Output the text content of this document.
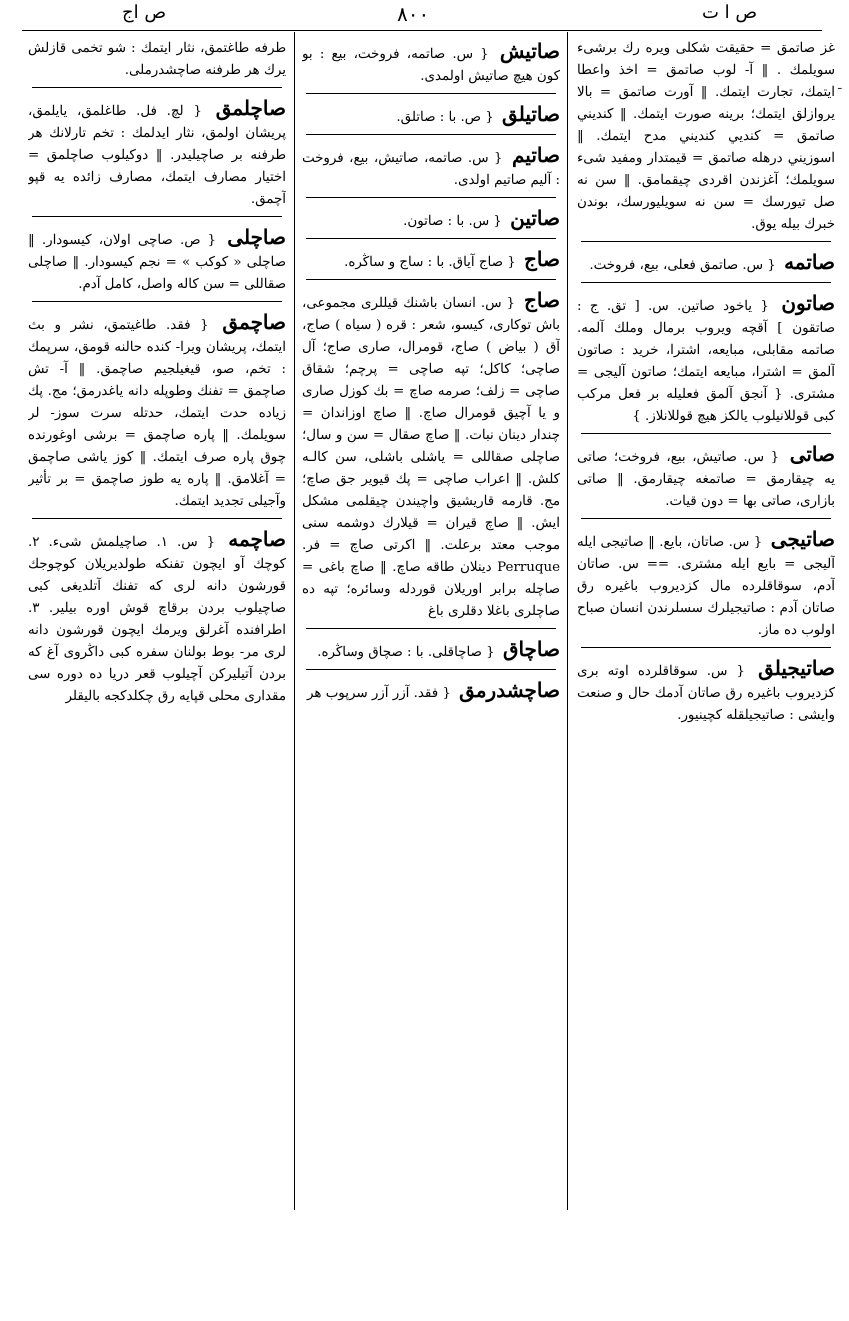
ص اج	٨٠٠	ص ا ت
غز صاتمق = حقيقت شكلى ويره رك برشىء سويلمك . ‖ آ- لوب صاتمق = اخذ واعطا ايتمك، تجارت ايتمك. ‖ آورت صاتمق = بالا يروازلق ايتمك؛ برينه صورت ايتمك. ‖ كنديني صاتمق = كنديي كنديني مدح ايتمك. ‖ اسوزيني درهله صاتمق = قيمتدار ومفيد شىء سويلمك؛ آغزندن اقردى چيقمامق. ‖ سن نه صل تيورسك = سن نه سويليورسك، بوندن خبرك بيله يوق.
صاتمه { س. صاتمق فعلى، بيع، فروخت.
صاتون { ياخود صاتين. س. [ تق. ج : صاتقون ] آقچه ويروب برمال وملك آلمه. صاتمه مقابلى، مبايعه، اشترا، خريد : صاتون آلمق = اشترا، مبايعه ايتمك؛ صاتون آليجى = مشترى. { آنجق آلمق فعليله بر فعل مركب كبى قوللانيلوب يالكز هيچ قوللانلاز. }
صاتى { س. صاتيش، بيع، فروخت؛ صاتى يه چيقارمق = صاتمغه چيقارمق. ‖ صاتى بازارى، صاتى بها = دون قيات.
صاتيجى { س. صاتان، بايع. ‖ صاتيجى ايله آليجى = بايع ايله مشترى. == س. صاتان آدم، سوقاقلرده مال كزديروب باغيره رق صاتان آدم : صاتيجيلرك سسلرندن انسان صباح اولوب ده ماز.
صاتيجيلق { س. سوقاقلرده اوته برى كزديروب باغيره رق صاتان آدمك حال و صنعت وايشى : صاتيجيلقله كچينيور.
صاتيش { س. صاتمه، فروخت، بيع : بو كون هيچ صاتيش اولمدى.
صاتيلق { ص. با : صاتلق.
صاتيم { س. صاتمه، صاتيش، بيع، فروخت : آليم صاتيم اولدى.
صاتين { س. با : صاتون.
صاج { صاج آياق. با : ساج و ساڭره.
صاج { س. انسان باشنك قيللرى مجموعى، باش توكارى، كيسو، شعر : قره ( سياه ) صاج، آق ( بياض ) صاج، قومرال، صارى صاج؛ آل صاچى؛ كاكل؛ تپه صاچى = پرچم؛ شقاق صاچى = زلف؛ صرمه صاچ = بك كوزل صارى و يا آچيق قومرال صاچ. ‖ صاچ اوزاندان = چندار دينان نبات. ‖ صاچ صقال = سن و سال؛ صاچلى صقاللى = ياشلى باشلى، سن كالـه كلش. ‖ اعراب صاچى = پك قيوير جق صاچ؛ مج. قارمه قاريشيق واچيندن چيقلمى مشكل ايش. ‖ صاچ قيران = قيلارك دوشمه سنى موجب معتد برعلت. ‖ اكرتى صاچ = فر. Perruque دينلان طاقه صاچ. ‖ صاچ باغى = صاچله برابر اوريلان قوردله وسائره؛ تپه ده صاچلرى باغلا دقلرى باغ
صاچاق { صاچاقلى. با : صچاق وساڭره.
صاچشدرمق { فقد. آزر آزر سرپوب هر
طرفه طاغتمق، نثار ايتمك : شو تخمى قازلش يرك هر طرفنه صاچشدرملى.
صاچلمق { لچ. فل. طاغلمق، يايلمق، پريشان اولمق، نثار ايدلمك : تخم تارلانك هر طرفنه بر صاچيليدر. ‖ دوكيلوب صاچلمق = اختيار مصارف ايتمك، مصارف زائده يه قپو آچمق.
صاچلى { ص. صاچى اولان، كيسودار. ‖ صاچلى « كوكب » = نجم كيسودار. ‖ صاچلى صقاللى = سن كاله واصل، كامل آدم.
صاچمق { فقد. طاغيتمق، نشر و بث ايتمك، پريشان ويرا- كنده حالنه قومق، سرپمك : تخم، صو، قيغيلجيم صاچمق. ‖ آ- تش صاچمق = تفنك وطوپله دانه ياغدرمق؛ مج. پك زياده حدت ايتمك، حدتله سرت سوز- لر سويلمك. ‖ پاره صاچمق = برشى اوغورنده چوق پاره صرف ايتمك. ‖ كوز ياشى صاچمق = آغلامق. ‖ پاره يه طوز صاچمق = بر تأثير وآجيلى تجديد ايتمك.
صاچمه { س. ١. صاچيلمش شىء. ٢. كوچك آو ايچون تفنكه طولديريلان كوچوجك قورشون دانه لرى كه تفنك آتلديغى كبى صاچيلوب بردن برقاچ قوش اوره بيلير. ٣. اطرافنده آغرلق ويرمك ايچون قورشون دانه لرى مر- بوط بولنان سفره كبى داڭروى آغ كه بردن آتيليركن آچيلوب قعر دريا ده دوره سى مقدارى محلى قپايه رق چكلدكجه باليقلر
ـ
